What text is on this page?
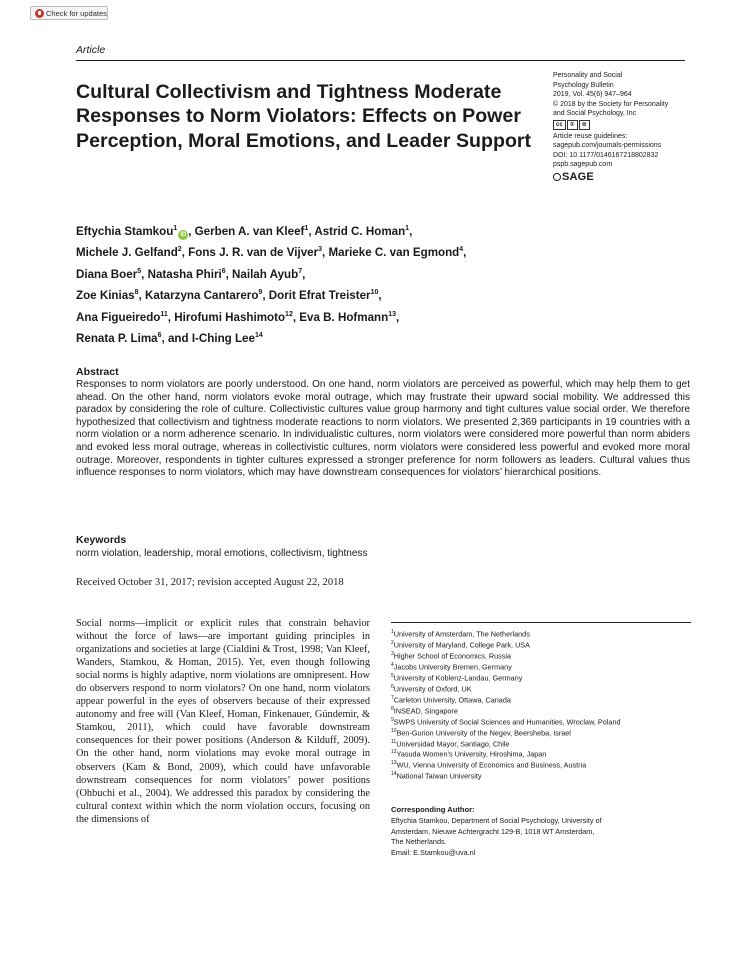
Check for updates
Article
Cultural Collectivism and Tightness Moderate Responses to Norm Violators: Effects on Power Perception, Moral Emotions, and Leader Support
Personality and Social
Psychology Bulletin
2019, Vol. 45(6) 947–964
© 2018 by the Society for Personality
and Social Psychology, Inc
cc ① ⊜
Article reuse guidelines:
sagepub.com/journals-permissions
DOI: 10.1177/0146167218802832
pspb.sagepub.com
SAGE
Eftychia Stamkou$^1$iD , Gerben A. van Kleef$^1$, Astrid C. Homan$^1$,
Michele J. Gelfand$^2$, Fons J. R. van de Vijver$^3$, Marieke C. van Egmond$^4$,
Diana Boer$^5$, Natasha Phiri$^6$, Nailah Ayub$^7$,
Zoe Kinias$^8$, Katarzyna Cantarero$^9$, Dorit Efrat Treister$^{10}$,
Ana Figueiredo$^{11}$, Hirofumi Hashimoto$^{12}$, Eva B. Hofmann$^{13}$,
Renata P. Lima$^6$, and I-Ching Lee$^{14}$
Abstract
Responses to norm violators are poorly understood. On one hand, norm violators are perceived as powerful, which may help them to get ahead. On the other hand, norm violators evoke moral outrage, which may frustrate their upward social mobility. We addressed this paradox by considering the role of culture. Collectivistic cultures value group harmony and tight cultures value social order. We therefore hypothesized that collectivism and tightness moderate reactions to norm violators. We presented 2,369 participants in 19 countries with a norm violation or a norm adherence scenario. In individualistic cultures, norm violators were considered more powerful than norm abiders and evoked less moral outrage, whereas in collectivistic cultures, norm violators were considered less powerful and evoked more moral outrage. Moreover, respondents in tighter cultures expressed a stronger preference for norm followers as leaders. Cultural values thus influence responses to norm violators, which may have downstream consequences for violators’ hierarchical positions.
Keywords
norm violation, leadership, moral emotions, collectivism, tightness
Received October 31, 2017; revision accepted August 22, 2018
Social norms—implicit or explicit rules that constrain behavior without the force of laws—are important guiding principles in organizations and societies at large (Cialdini & Trost, 1998; Van Kleef, Wanders, Stamkou, & Homan, 2015). Yet, even though following social norms is highly adaptive, norm violations are omnipresent. How do observers respond to norm violators? On one hand, norm violators appear powerful in the eyes of observers because of their expressed autonomy and free will (Van Kleef, Homan, Finkenauer, Gündemir, & Stamkou, 2011), which could have favorable downstream consequences for their power positions (Anderson & Kilduff, 2009). On the other hand, norm violations may evoke moral outrage in observers (Kam & Bond, 2009), which could have unfavorable downstream consequences for norm violators’ power positions (Ohbuchi et al., 2004). We addressed this paradox by considering the cultural context within which the norm violation occurs, focusing on the dimensions of
$^1$University of Amsterdam, The Netherlands
$^2$University of Maryland, College Park, USA
$^3$Higher School of Economics, Russia
$^4$Jacobs University Bremen, Germany
$^5$University of Koblenz-Landau, Germany
$^6$University of Oxford, UK
$^7$Carleton University, Ottawa, Canada
$^8$INSEAD, Singapore
$^9$SWPS University of Social Sciences and Humanities, Wroclaw, Poland
$^{10}$Ben-Gurion University of the Negev, Beersheba, Israel
$^{11}$Universidad Mayor, Santiago, Chile
$^{12}$Yasuda Women’s University, Hiroshima, Japan
$^{13}$WU, Vienna University of Economics and Business, Austria
$^{14}$National Taiwan University
Corresponding Author:
Eftychia Stamkou, Department of Social Psychology, University of
Amsterdam, Nieuwe Achtergracht 129-B, 1018 WT Amsterdam,
The Netherlands.
Email: E.Stamkou@uva.nl
